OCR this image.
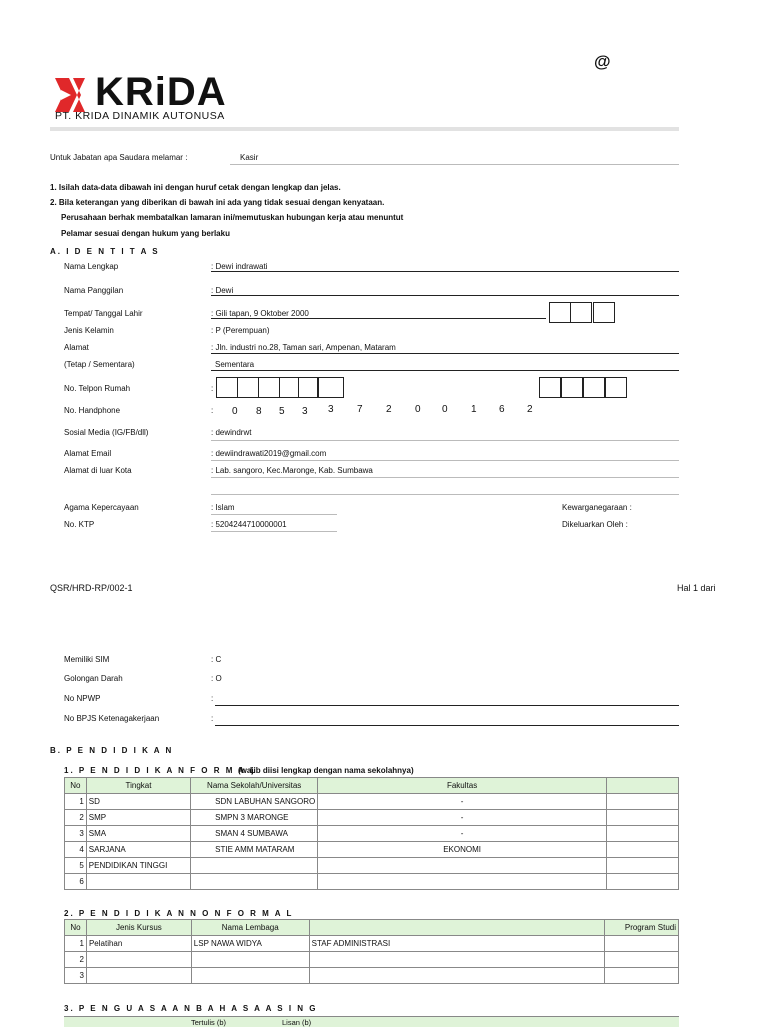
@
KRiDA
PT. KRIDA DINAMIK AUTONUSA
Untuk Jabatan apa Saudara melamar :	Kasir
1. Isilah data-data dibawah ini dengan huruf cetak dengan lengkap dan jelas.
2. Bila keterangan yang diberikan di bawah ini ada yang tidak sesuai dengan kenyataan.
Perusahaan berhak membatalkan lamaran ini/memutuskan hubungan kerja atau menuntut
Pelamar sesuai dengan hukum yang berlaku
A. I D E N T I T A S
Nama Lengkap	: Dewi indrawati
Nama Panggilan	: Dewi
Tempat/ Tanggal Lahir	: Gili tapan, 9 Oktober 2000
Jenis Kelamin	: P (Perempuan)
Alamat	: Jln. industri no.28, Taman sari, Ampenan, Mataram
(Tetap / Sementara)	Sementara
No. Telpon Rumah	:
No. Handphone	: 0 8 5 3 3 7 2 0 0 1 6 2
Sosial Media (IG/FB/dll)	: dewindrwt
Alamat Email	: dewiindrawati2019@gmail.com
Alamat di luar Kota	: Lab. sangoro, Kec.Maronge, Kab. Sumbawa
Agama Kepercayaan	: Islam	Kewarganegaraan :
No. KTP	: 5204244710000001	Dikeluarkan Oleh :
QSR/HRD-RP/002-1	Hal 1 dari
Memiliki SIM	: C
Golongan Darah	: O
No NPWP	:
No BPJS Ketenagakerjaan	:
B. P E N D I D I K A N
1. P E N D I D I K A N F O R M A L
(wajib diisi lengkap dengan nama sekolahnya)
No	Tingkat	Nama Sekolah/Universitas	Fakultas	
1	SD	SDN LABUHAN SANGORO	-	
2	SMP	SMPN 3 MARONGE	-	
3	SMA	SMAN 4 SUMBAWA	-	
4	SARJANA	STIE AMM MATARAM	EKONOMI	
5	PENDIDIKAN TINGGI			
6				
2. P E N D I D I K A N N O N F O R M A L
No	Jenis Kursus	Nama Lembaga		Program Studi
1	Pelatihan	LSP NAWA WIDYA	STAF ADMINISTRASI	
2				
3				
3. P E N G U A S A A N B A H A S A A S I N G
Tertulis (b)	Lisan (b)
